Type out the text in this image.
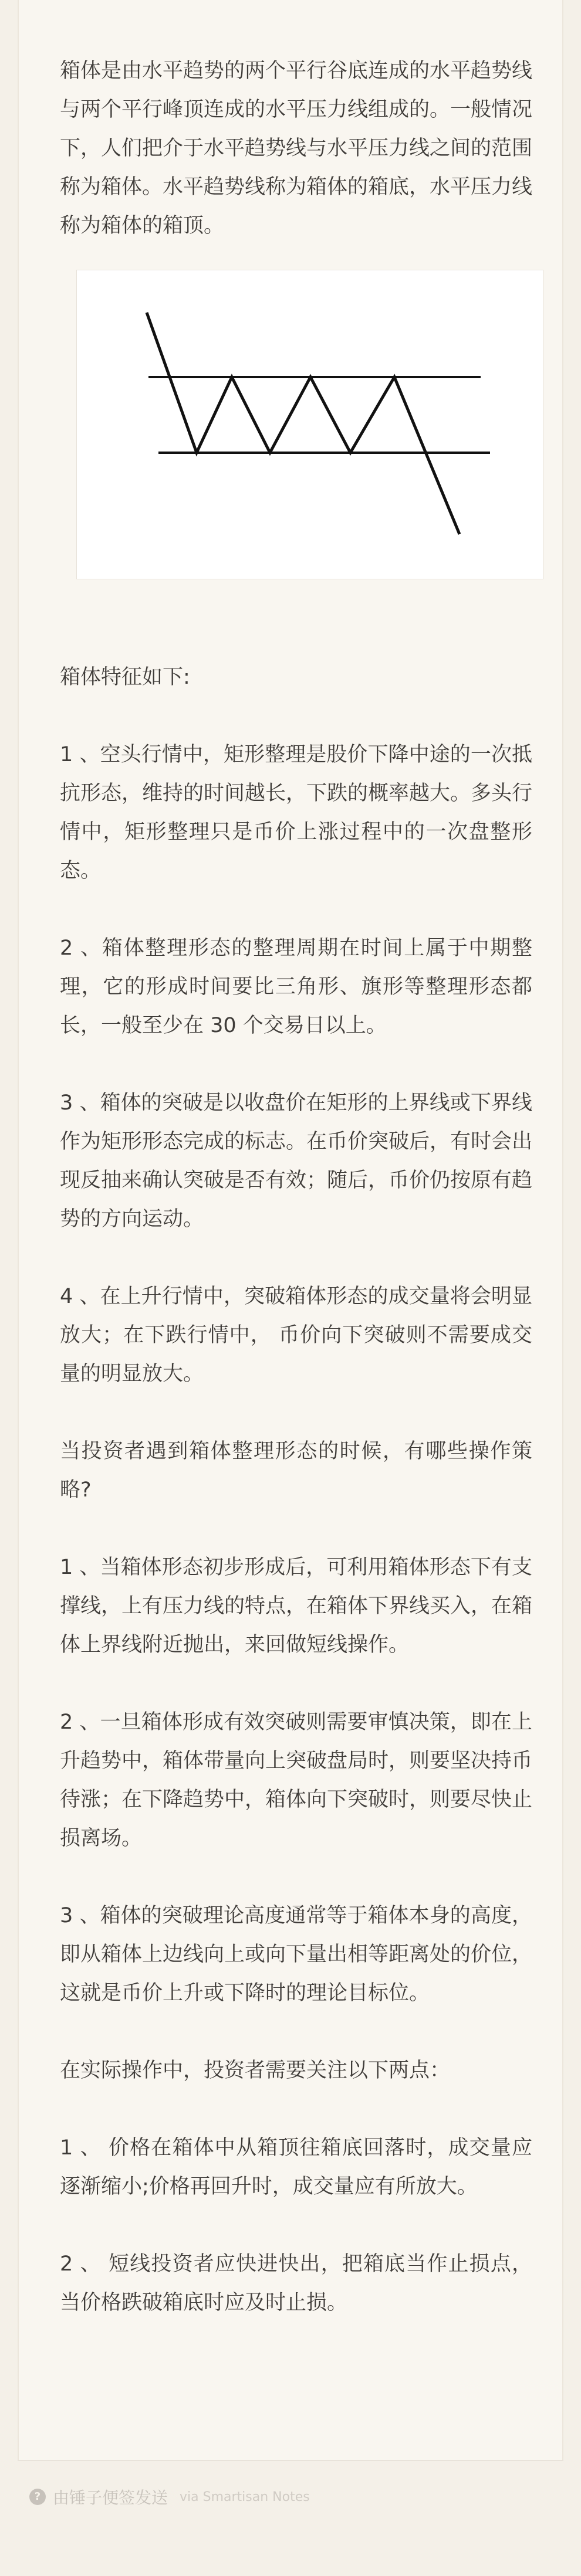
箱体是由水平趋势的两个平行谷底连成的水平趋势线与两个平行峰顶连成的水平压力线组成的。一般情况下，人们把介于水平趋势线与水平压力线之间的范围称为箱体。水平趋势线称为箱体的箱底，水平压力线称为箱体的箱顶。

箱体特征如下:

1 、空头行情中，矩形整理是股价下降中途的一次抵抗形态，维持的时间越长，下跌的概率越大。多头行情中，矩形整理只是币价上涨过程中的一次盘整形态。

2 、箱体整理形态的整理周期在时间上属于中期整理，它的形成时间要比三角形、旗形等整理形态都长，一般至少在 30 个交易日以上。

3 、箱体的突破是以收盘价在矩形的上界线或下界线作为矩形形态完成的标志。在币价突破后，有时会出现反抽来确认突破是否有效；随后，币价仍按原有趋势的方向运动。

4 、在上升行情中，突破箱体形态的成交量将会明显放大；在下跌行情中， 币价向下突破则不需要成交量的明显放大。

当投资者遇到箱体整理形态的时候，有哪些操作策略?

1 、当箱体形态初步形成后，可利用箱体形态下有支撑线，上有压力线的特点，在箱体下界线买入，在箱体上界线附近抛出，来回做短线操作。

2 、一旦箱体形成有效突破则需要审慎决策，即在上升趋势中，箱体带量向上突破盘局时，则要坚决持币待涨；在下降趋势中，箱体向下突破时，则要尽快止损离场。

3 、箱体的突破理论高度通常等于箱体本身的高度，即从箱体上边线向上或向下量出相等距离处的价位，这就是币价上升或下降时的理论目标位。

在实际操作中，投资者需要关注以下两点：

1 、 价格在箱体中从箱顶往箱底回落时，成交量应逐渐缩小;价格再回升时，成交量应有所放大。

2 、 短线投资者应快进快出，把箱底当作止损点，当价格跌破箱底时应及时止损。

? 由锤子便签发送 via Smartisan Notes
